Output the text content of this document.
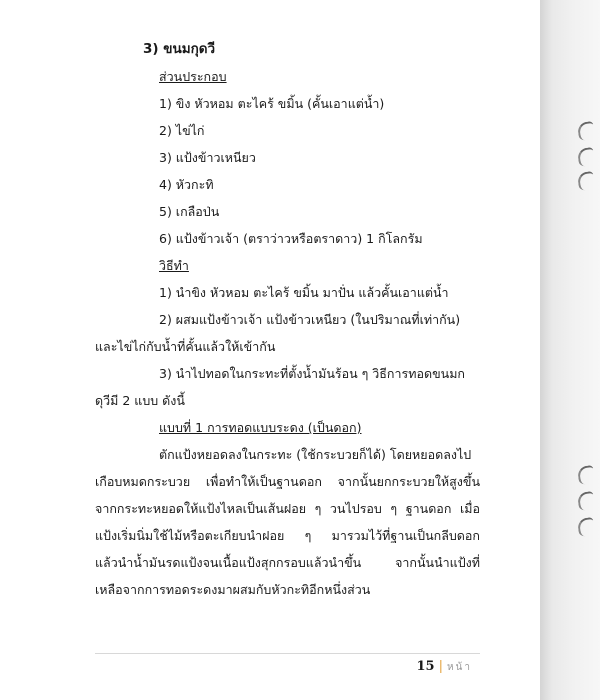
3) ขนมกุดวี
ส่วนประกอบ
1) ขิง หัวหอม ตะไคร้ ขมิ้น (คั้นเอาแต่น้ำ)
2) ไข่ไก่
3) แป้งข้าวเหนียว
4) หัวกะทิ
5) เกลือป่น
6) แป้งข้าวเจ้า (ตราว่าวหรือตราดาว) 1 กิโลกรัม
วิธีทำ
1) นำขิง หัวหอม ตะไคร้ ขมิ้น มาปั่น แล้วคั้นเอาแต่น้ำ
2) ผสมแป้งข้าวเจ้า แป้งข้าวเหนียว (ในปริมาณที่เท่ากัน)
และไข่ไก่กับน้ำที่คั้นแล้วให้เข้ากัน
3) นำไปทอดในกระทะที่ตั้งน้ำมันร้อน ๆ วิธีการทอดขนมก
ดุวีมี 2 แบบ ดังนี้
แบบที่ 1 การทอดแบบระดง (เป็นดอก)
ตักแป้งหยอดลงในกระทะ (ใช้กระบวยก็ได้) โดยหยอดลงไป
เกือบหมดกระบวย เพื่อทำให้เป็นฐานดอก จากนั้นยกกระบวยให้สูงขึ้น
จากกระทะหยอดให้แป้งไหลเป็นเส้นฝอย ๆ วนไปรอบ ๆ ฐานดอก เมื่อ
แป้งเริ่มนิ่มใช้ไม้หรือตะเกียบนำฝอย ๆ มารวมไว้ที่ฐานเป็นกลีบดอก
แล้วนำน้ำมันรดแป้งจนเนื้อแป้งสุกกรอบแล้วนำขึ้น จากนั้นนำแป้งที่
เหลือจากการทอดระดงมาผสมกับหัวกะทิอีกหนึ่งส่วน
15 | หน้า
